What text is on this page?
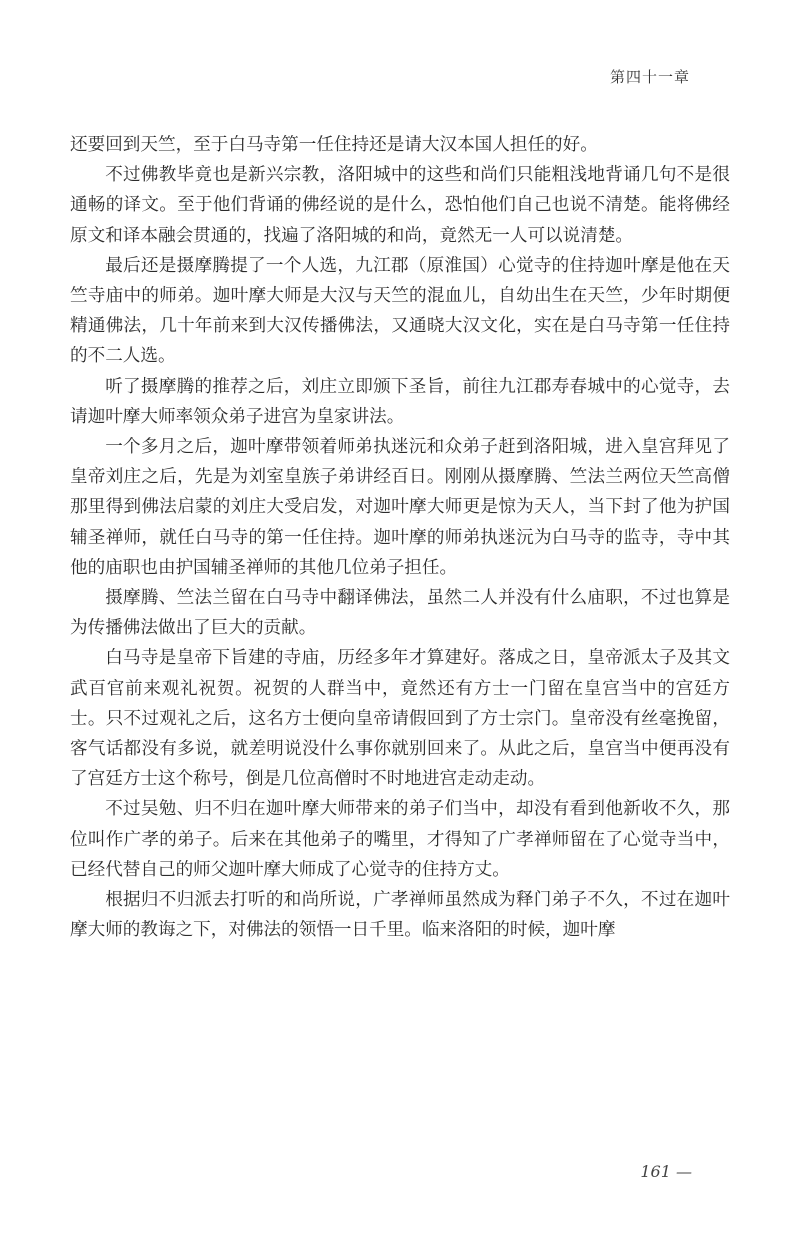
第四十一章

还要回到天竺，至于白马寺第一任住持还是请大汉本国人担任的好。

不过佛教毕竟也是新兴宗教，洛阳城中的这些和尚们只能粗浅地背诵几句不是很通畅的译文。至于他们背诵的佛经说的是什么，恐怕他们自己也说不清楚。能将佛经原文和译本融会贯通的，找遍了洛阳城的和尚，竟然无一人可以说清楚。

最后还是摄摩腾提了一个人选，九江郡（原淮国）心觉寺的住持迦叶摩是他在天竺寺庙中的师弟。迦叶摩大师是大汉与天竺的混血儿，自幼出生在天竺，少年时期便精通佛法，几十年前来到大汉传播佛法，又通晓大汉文化，实在是白马寺第一任住持的不二人选。

听了摄摩腾的推荐之后，刘庄立即颁下圣旨，前往九江郡寿春城中的心觉寺，去请迦叶摩大师率领众弟子进宫为皇家讲法。

一个多月之后，迦叶摩带领着师弟执迷沅和众弟子赶到洛阳城，进入皇宫拜见了皇帝刘庄之后，先是为刘室皇族子弟讲经百日。刚刚从摄摩腾、竺法兰两位天竺高僧那里得到佛法启蒙的刘庄大受启发，对迦叶摩大师更是惊为天人，当下封了他为护国辅圣禅师，就任白马寺的第一任住持。迦叶摩的师弟执迷沅为白马寺的监寺，寺中其他的庙职也由护国辅圣禅师的其他几位弟子担任。

摄摩腾、竺法兰留在白马寺中翻译佛法，虽然二人并没有什么庙职，不过也算是为传播佛法做出了巨大的贡献。

白马寺是皇帝下旨建的寺庙，历经多年才算建好。落成之日，皇帝派太子及其文武百官前来观礼祝贺。祝贺的人群当中，竟然还有方士一门留在皇宫当中的宫廷方士。只不过观礼之后，这名方士便向皇帝请假回到了方士宗门。皇帝没有丝毫挽留，客气话都没有多说，就差明说没什么事你就别回来了。从此之后，皇宫当中便再没有了宫廷方士这个称号，倒是几位高僧时不时地进宫走动走动。

不过吴勉、归不归在迦叶摩大师带来的弟子们当中，却没有看到他新收不久，那位叫作广孝的弟子。后来在其他弟子的嘴里，才得知了广孝禅师留在了心觉寺当中，已经代替自己的师父迦叶摩大师成了心觉寺的住持方丈。

根据归不归派去打听的和尚所说，广孝禅师虽然成为释门弟子不久，不过在迦叶摩大师的教诲之下，对佛法的领悟一日千里。临来洛阳的时候，迦叶摩

161 —
